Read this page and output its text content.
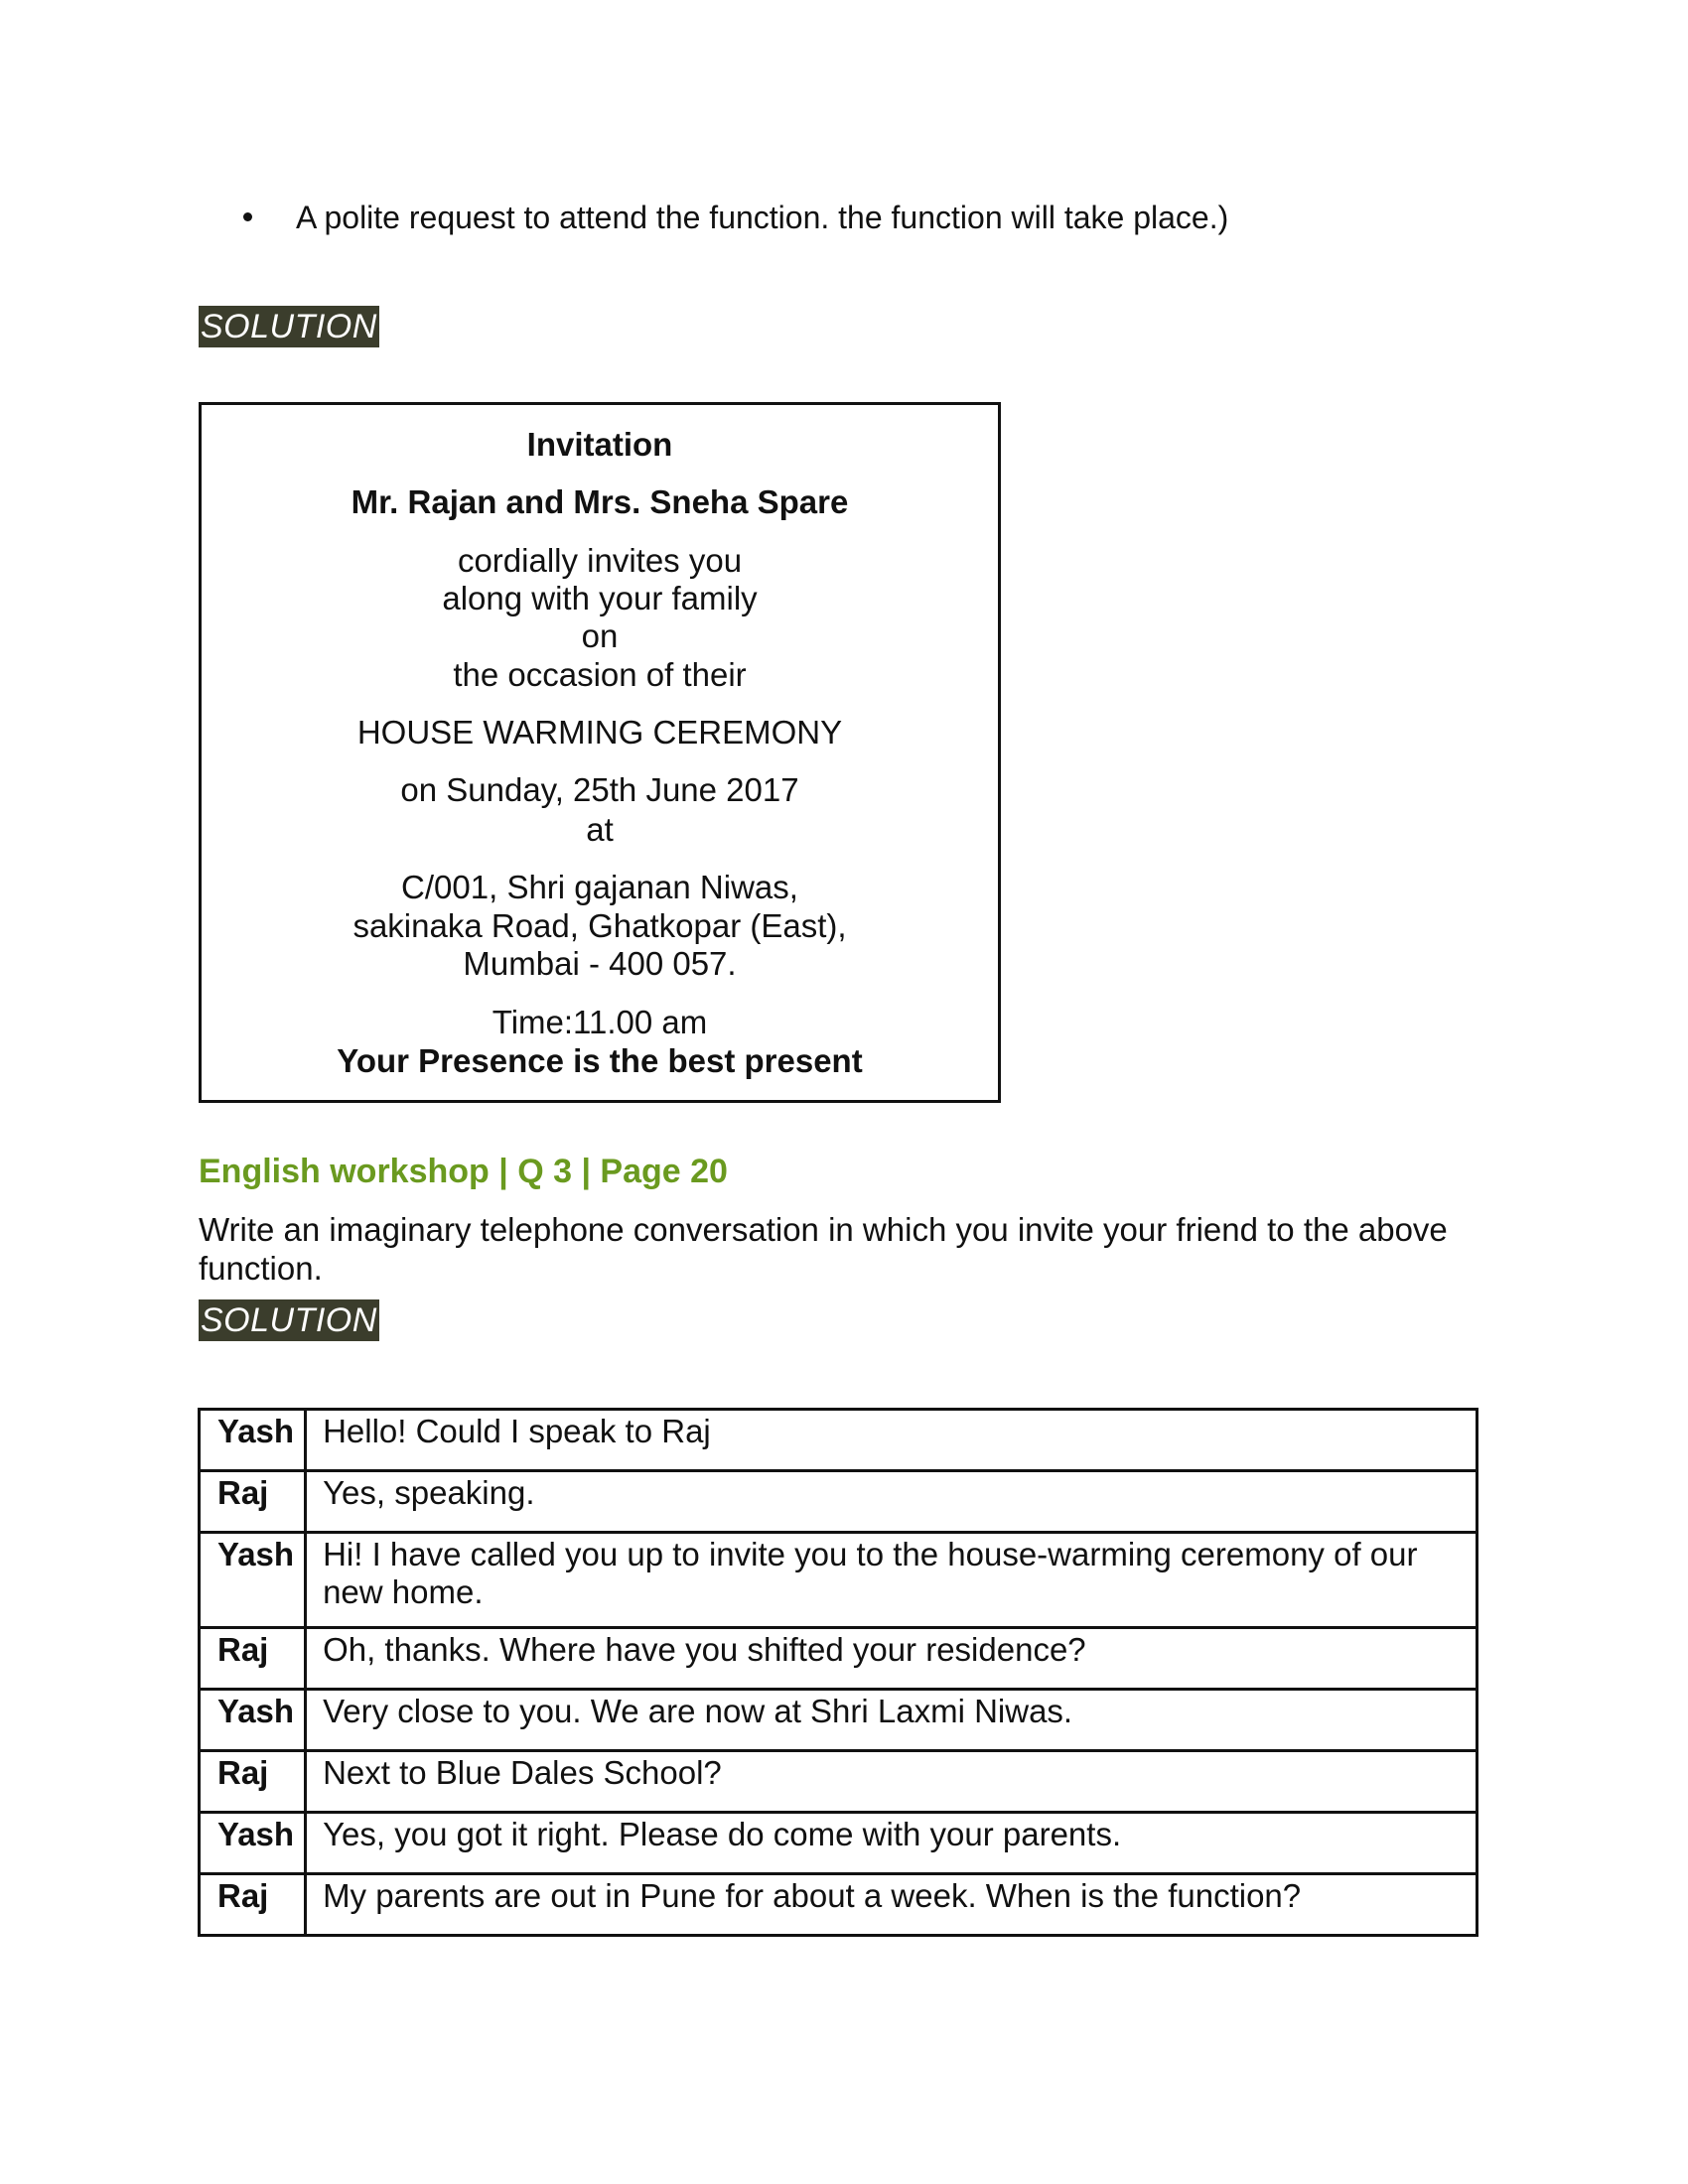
A polite request to attend the function. the function will take place.)
SOLUTION
Invitation
Mr. Rajan and Mrs. Sneha Spare
cordially invites you
along with your family
on
the occasion of their
HOUSE WARMING CEREMONY
on Sunday, 25th June 2017
at
C/001, Shri gajanan Niwas,
sakinaka Road, Ghatkopar (East),
Mumbai - 400 057.
Time:11.00 am
Your Presence is the best present
English workshop | Q 3 | Page 20
Write an imaginary telephone conversation in which you invite your friend to the above function.
SOLUTION
Yash	Hello! Could I speak to Raj
Raj	Yes, speaking.
Yash	Hi! I have called you up to invite you to the house-warming ceremony of our new home.
Raj	Oh, thanks. Where have you shifted your residence?
Yash	Very close to you. We are now at Shri Laxmi Niwas.
Raj	Next to Blue Dales School?
Yash	Yes, you got it right. Please do come with your parents.
Raj	My parents are out in Pune for about a week. When is the function?
